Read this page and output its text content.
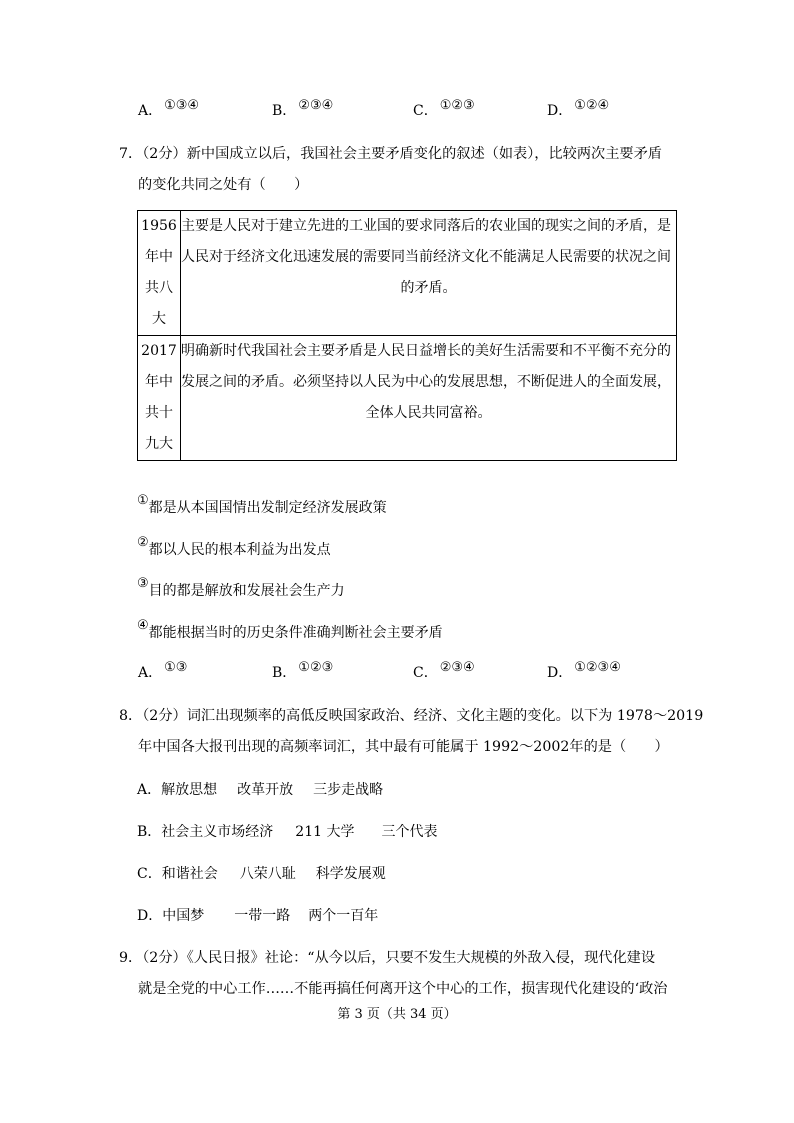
A． ①③④	B． ②③④	C． ①②③	D． ①②④
7．（2分）新中国成立以后，我国社会主要矛盾变化的叙述（如表），比较两次主要矛盾
的变化共同之处有（　　）
1956
年中
共八
大	主要是人民对于建立先进的工业国的要求同落后的农业国的现实之间的矛盾，是
人民对于经济文化迅速发展的需要同当前经济文化不能满足人民需要的状况之间
的矛盾。

2017
年中
共十
九大	明确新时代我国社会主要矛盾是人民日益增长的美好生活需要和不平衡不充分的
发展之间的矛盾。必须坚持以人民为中心的发展思想，不断促进人的全面发展，
全体人民共同富裕。

①都是从本国国情出发制定经济发展政策
②都以人民的根本利益为出发点
③目的都是解放和发展社会生产力
④都能根据当时的历史条件准确判断社会主要矛盾
A． ①③	B． ①②③	C． ②③④	D． ①②③④
8．（2分）词汇出现频率的高低反映国家政治、经济、文化主题的变化。以下为 1978～2019
年中国各大报刊出现的高频率词汇，其中最有可能属于 1992～2002年的是（　　）
A．解放思想 改革开放 三步走战略
B．社会主义市场经济 211 大学 三个代表
C．和谐社会 八荣八耻 科学发展观
D．中国梦 一带一路 两个一百年
9．（2分）《人民日报》社论：“从今以后，只要不发生大规模的外敌入侵，现代化建设
就是全党的中心工作……不能再搞任何离开这个中心的工作，损害现代化建设的‘政治
第 3 页（共 34 页）
